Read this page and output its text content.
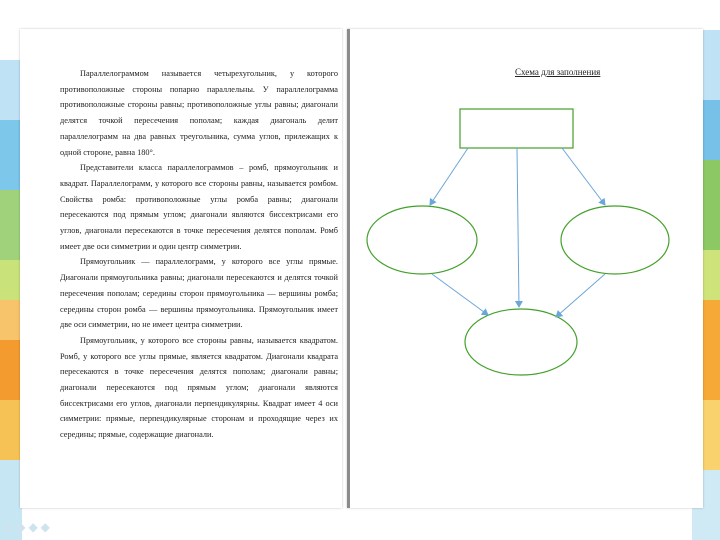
◆◆◆◆

Параллелограммом называется четырехугольник, у которого противоположные стороны попарно параллельны. У параллелограмма противоположные стороны равны; противоположные углы равны; диагонали делятся точкой пересечения пополам; каждая диагональ делит параллелограмм на два равных треугольника, сумма углов, прилежащих к одной стороне, равна 180°.

Представители класса параллелограммов – ромб, прямоугольник и квадрат. Параллелограмм, у которого все стороны равны, называется ромбом. Свойства ромба: противоположные углы ромба равны; диагонали пересекаются под прямым углом; диагонали являются биссектрисами его углов, диагонали пересекаются в точке пересечения делятся пополам. Ромб имеет две оси симметрии и один центр симметрии.

Прямоугольник — параллелограмм, у которого все углы прямые. Диагонали прямоугольника равны; диагонали пересекаются и делятся точкой пересечения пополам; середины сторон прямоугольника — вершины ромба; середины сторон ромба — вершины прямоугольника. Прямоугольник имеет две оси симметрии, но не имеет центра симметрии.

Прямоугольник, у которого все стороны равны, называется квадратом. Ромб, у которого все углы прямые, является квадратом. Диагонали квадрата пересекаются в точке пересечения делятся пополам; диагонали равны; диагонали пересекаются под прямым углом; диагонали являются биссектрисами его углов, диагонали перпендикулярны. Квадрат имеет 4 оси симметрии: прямые, перпендикулярные сторонам и проходящие через их середины; прямые, содержащие диагонали.

Схема для заполнения
